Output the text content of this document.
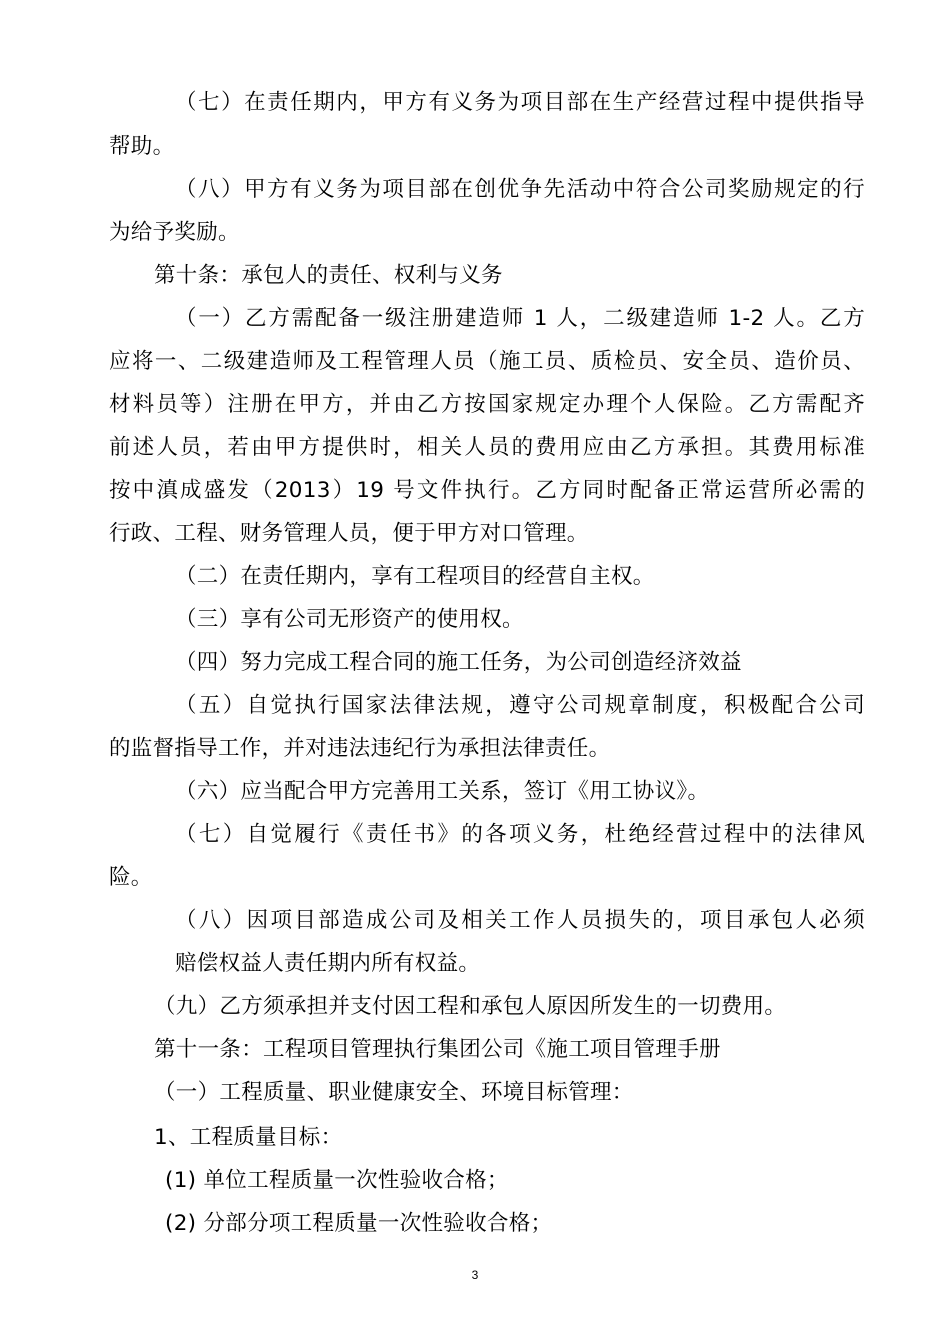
（七）在责任期内，甲方有义务为项目部在生产经营过程中提供指导
帮助。
（八）甲方有义务为项目部在创优争先活动中符合公司奖励规定的行
为给予奖励。
第十条：承包人的责任、权利与义务
（一）乙方需配备一级注册建造师 1 人，二级建造师 1-2 人。乙方
应将一、二级建造师及工程管理人员（施工员、质检员、安全员、造价员、
材料员等）注册在甲方，并由乙方按国家规定办理个人保险。乙方需配齐
前述人员，若由甲方提供时，相关人员的费用应由乙方承担。其费用标准
按中滇成盛发（2013）19 号文件执行。乙方同时配备正常运营所必需的
行政、工程、财务管理人员，便于甲方对口管理。
（二）在责任期内，享有工程项目的经营自主权。
（三）享有公司无形资产的使用权。
（四）努力完成工程合同的施工任务，为公司创造经济效益
（五）自觉执行国家法律法规，遵守公司规章制度，积极配合公司
的监督指导工作，并对违法违纪行为承担法律责任。
（六）应当配合甲方完善用工关系，签订《用工协议》。
（七）自觉履行《责任书》的各项义务，杜绝经营过程中的法律风
险。
（八）因项目部造成公司及相关工作人员损失的，项目承包人必须
赔偿权益人责任期内所有权益。
（九）乙方须承担并支付因工程和承包人原因所发生的一切费用。
第十一条：工程项目管理执行集团公司《施工项目管理手册
（一）工程质量、职业健康安全、环境目标管理：
1、工程质量目标：
(1) 单位工程质量一次性验收合格；
(2) 分部分项工程质量一次性验收合格；
3
